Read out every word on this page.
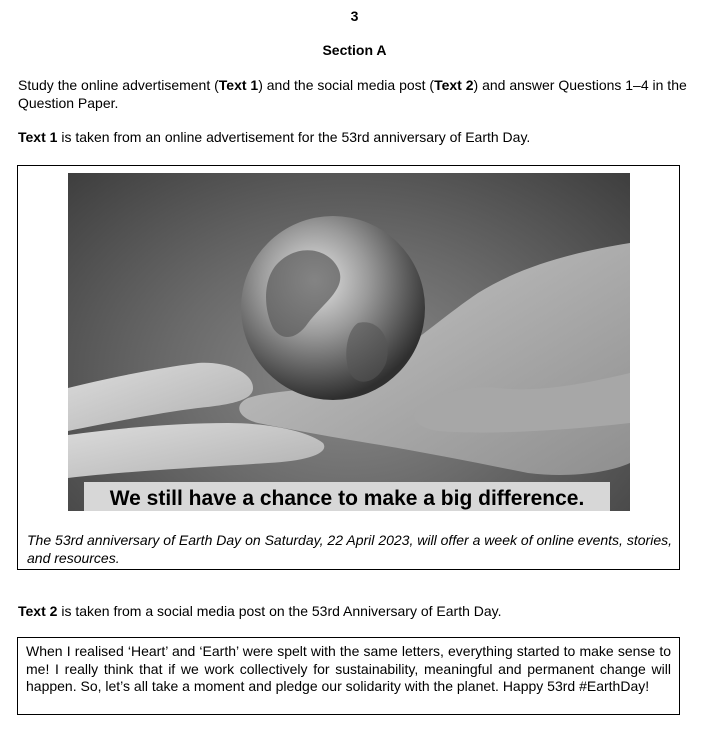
3
Section A
Study the online advertisement (Text 1) and the social media post (Text 2) and answer Questions 1–4 in the Question Paper.
Text 1 is taken from an online advertisement for the 53rd anniversary of Earth Day.
We still have a chance to make a big difference.
The 53rd anniversary of Earth Day on Saturday, 22 April 2023, will offer a week of online events, stories, and resources.
Text 2 is taken from a social media post on the 53rd Anniversary of Earth Day.
When I realised ‘Heart’ and ‘Earth’ were spelt with the same letters, everything started to make sense to me! I really think that if we work collectively for sustainability, meaningful and permanent change will happen. So, let’s all take a moment and pledge our solidarity with the planet. Happy 53rd #EarthDay!
